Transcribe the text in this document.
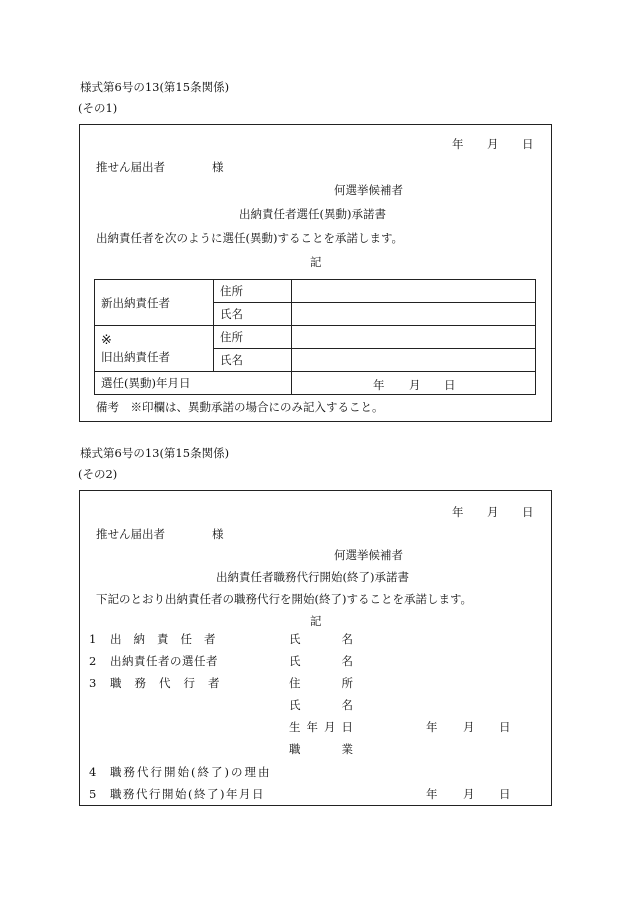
様式第6号の13(第15条関係)
(その1)
年 月 日
推せん届出者	様
何選挙候補者
出納責任者選任(異動)承諾書
出納責任者を次のように選任(異動)することを承諾します。
記
新出納責任者	住所	
	氏名	

※
旧出納責任者	住所	
	氏名	
選任(異動)年月日		年 月 日
備考　※印欄は、異動承諾の場合にのみ記入すること。
様式第6号の13(第15条関係)
(その2)
年 月 日
推せん届出者	様
何選挙候補者
出納責任者職務代行開始(終了)承諾書
下記のとおり出納責任者の職務代行を開始(終了)することを承諾します。
記
1 出納責任者	氏	名
2 出納責任者の選任者	氏	名
3 職務代行者	住	所
氏	名
生年月日	年 月 日
職	業
4 職務代行開始(終了)の理由
5 職務代行開始(終了)年月日	年 月 日
